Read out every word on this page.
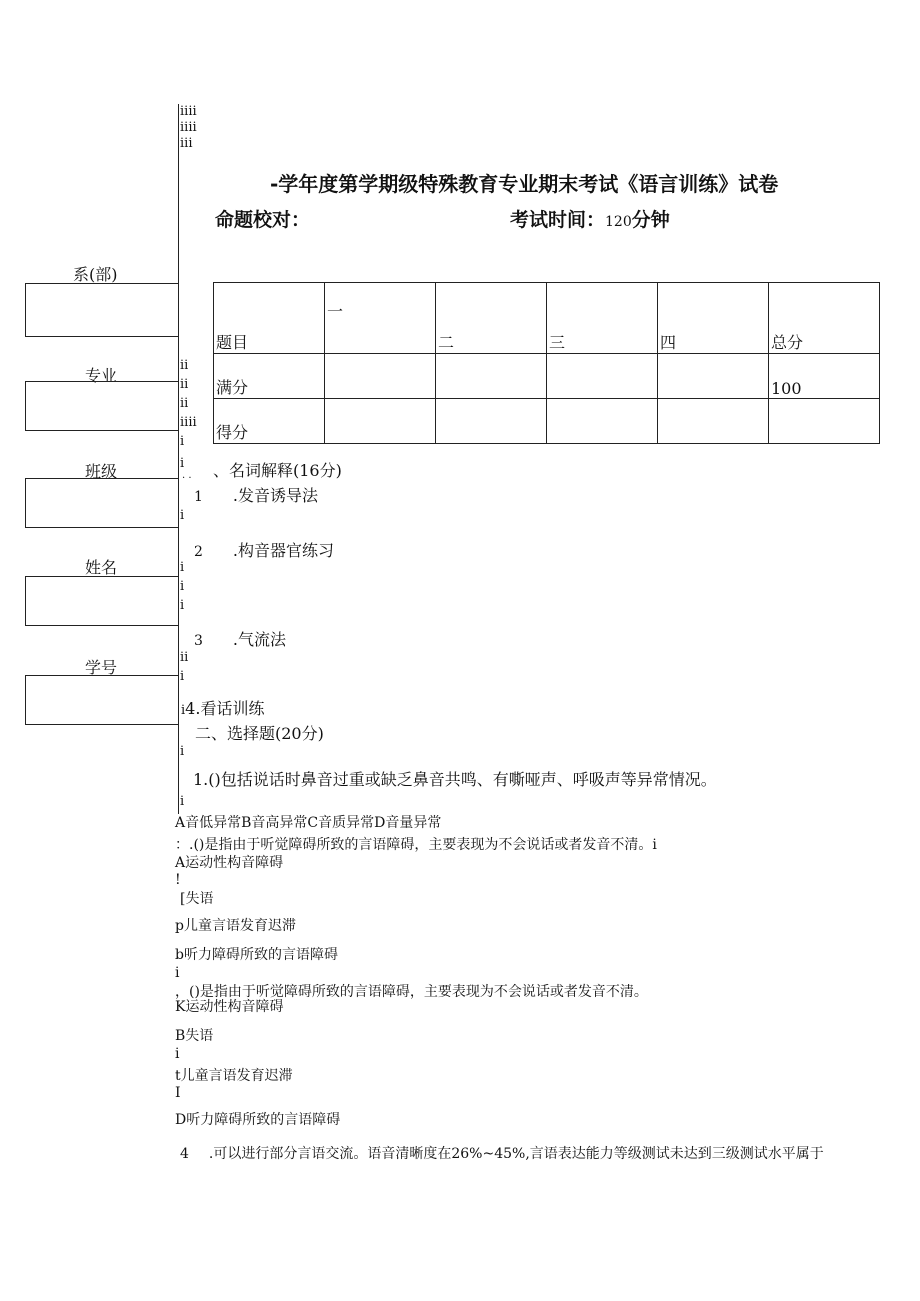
iiii
iiii
iii
ii
ii
ii
iiii
i
i
i
i
i
i
ii
i
i
i
系(部)
专业
班级
姓名
学号
-学年度第学期级特殊教育专业期末考试《语言训练》试卷
命题校对：	考试时间：120分钟
题目	一	二	三	四	总分
满分					100
得分					
、名词解释(16分)
. .
1 .发音诱导法
2 .构音器官练习
3 .气流法
i4.看话训练
二、选择题(20分)
1.()包括说话时鼻音过重或缺乏鼻音共鸣、有嘶哑声、呼吸声等异常情况。
A音低异常B音高异常C音质异常D音量异常
：.()是指由于听觉障碍所致的言语障碍，主要表现为不会说话或者发音不清。i
A运动性构音障碍
!
[失语
p儿童言语发育迟滞
b听力障碍所致的言语障碍
i
，()是指由于听觉障碍所致的言语障碍，主要表现为不会说话或者发音不清。
K运动性构音障碍
B失语
i
t儿童言语发育迟滞
I
D听力障碍所致的言语障碍
4 .可以进行部分言语交流。语音清晰度在26%~45%,言语表达能力等级测试未达到三级测试水平属于
